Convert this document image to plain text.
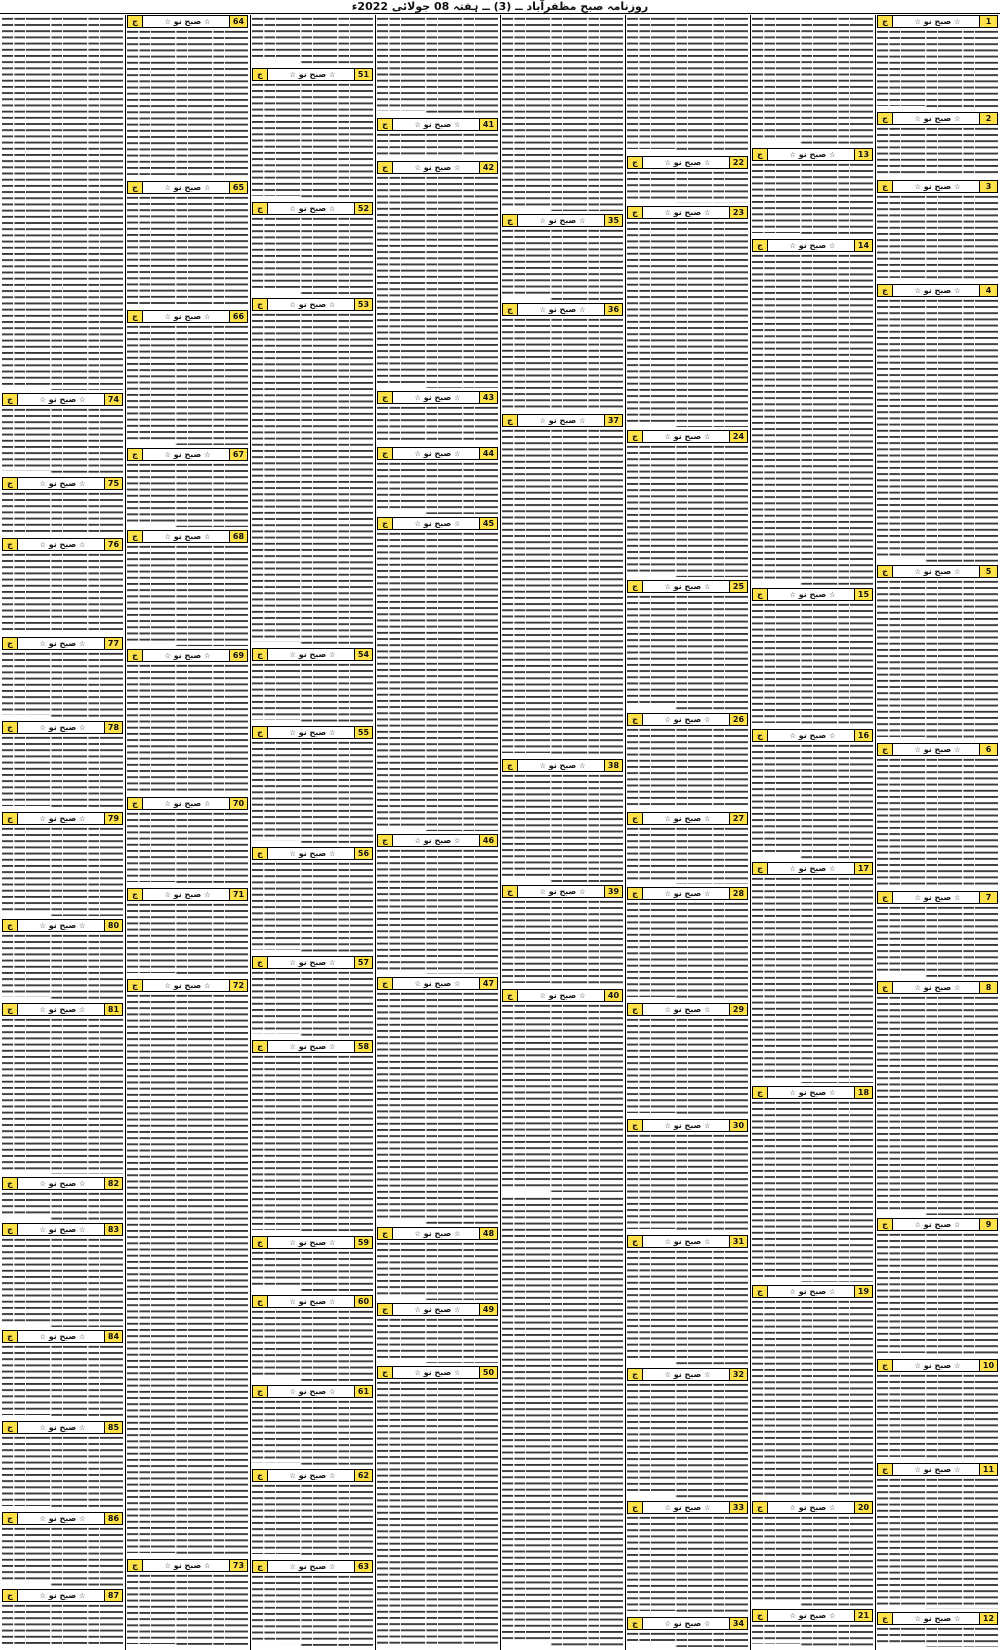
روزنامہ صبح مظفرآباد ــ (3) ــ ہفتہ 08 جولائی 2022ء
1
☆ صبح نو ☆
ج
2
☆ صبح نو ☆
ج
3
☆ صبح نو ☆
ج
4
☆ صبح نو ☆
ج
5
☆ صبح نو ☆
ج
6
☆ صبح نو ☆
ج
7
☆ صبح نو ☆
ج
8
☆ صبح نو ☆
ج
9
☆ صبح نو ☆
ج
10
☆ صبح نو ☆
ج
11
☆ صبح نو ☆
ج
12
☆ صبح نو ☆
ج
13
☆ صبح نو ☆
ج
14
☆ صبح نو ☆
ج
15
☆ صبح نو ☆
ج
16
☆ صبح نو ☆
ج
17
☆ صبح نو ☆
ج
18
☆ صبح نو ☆
ج
19
☆ صبح نو ☆
ج
20
☆ صبح نو ☆
ج
21
☆ صبح نو ☆
ج
22
☆ صبح نو ☆
ج
23
☆ صبح نو ☆
ج
24
☆ صبح نو ☆
ج
25
☆ صبح نو ☆
ج
26
☆ صبح نو ☆
ج
27
☆ صبح نو ☆
ج
28
☆ صبح نو ☆
ج
29
☆ صبح نو ☆
ج
30
☆ صبح نو ☆
ج
31
☆ صبح نو ☆
ج
32
☆ صبح نو ☆
ج
33
☆ صبح نو ☆
ج
34
☆ صبح نو ☆
ج
35
☆ صبح نو ☆
ج
36
☆ صبح نو ☆
ج
37
☆ صبح نو ☆
ج
38
☆ صبح نو ☆
ج
39
☆ صبح نو ☆
ج
40
☆ صبح نو ☆
ج
41
☆ صبح نو ☆
ج
42
☆ صبح نو ☆
ج
43
☆ صبح نو ☆
ج
44
☆ صبح نو ☆
ج
45
☆ صبح نو ☆
ج
46
☆ صبح نو ☆
ج
47
☆ صبح نو ☆
ج
48
☆ صبح نو ☆
ج
49
☆ صبح نو ☆
ج
50
☆ صبح نو ☆
ج
51
☆ صبح نو ☆
ج
52
☆ صبح نو ☆
ج
53
☆ صبح نو ☆
ج
54
☆ صبح نو ☆
ج
55
☆ صبح نو ☆
ج
56
☆ صبح نو ☆
ج
57
☆ صبح نو ☆
ج
58
☆ صبح نو ☆
ج
59
☆ صبح نو ☆
ج
60
☆ صبح نو ☆
ج
61
☆ صبح نو ☆
ج
62
☆ صبح نو ☆
ج
63
☆ صبح نو ☆
ج
64
☆ صبح نو ☆
ج
65
☆ صبح نو ☆
ج
66
☆ صبح نو ☆
ج
67
☆ صبح نو ☆
ج
68
☆ صبح نو ☆
ج
69
☆ صبح نو ☆
ج
70
☆ صبح نو ☆
ج
71
☆ صبح نو ☆
ج
72
☆ صبح نو ☆
ج
73
☆ صبح نو ☆
ج
74
☆ صبح نو ☆
ج
75
☆ صبح نو ☆
ج
76
☆ صبح نو ☆
ج
77
☆ صبح نو ☆
ج
78
☆ صبح نو ☆
ج
79
☆ صبح نو ☆
ج
80
☆ صبح نو ☆
ج
81
☆ صبح نو ☆
ج
82
☆ صبح نو ☆
ج
83
☆ صبح نو ☆
ج
84
☆ صبح نو ☆
ج
85
☆ صبح نو ☆
ج
86
☆ صبح نو ☆
ج
87
☆ صبح نو ☆
ج
